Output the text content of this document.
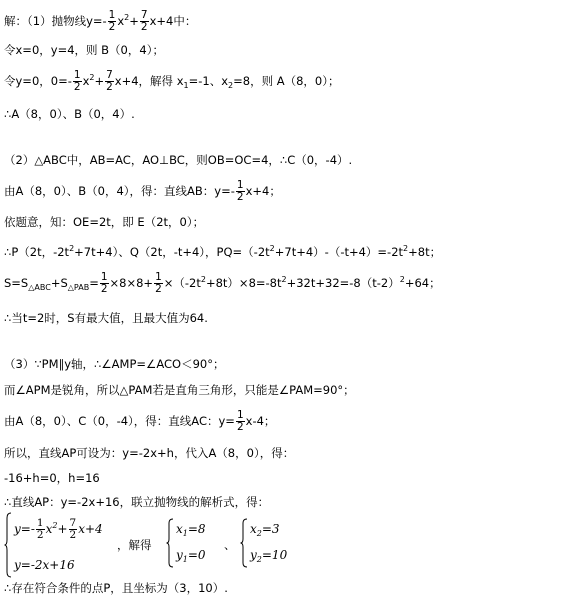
解：（1）抛物线$y=- \frac{1}{2} x^2+ \frac{7}{2} x+4$中：
令x=0，y=4，则 B（0，4）；
令y=0，$0=- \frac{1}{2} x^2+ \frac{7}{2} x+4$，解得 $x_1=-1$、$x_2=8$，则 A（8，0）；
∴A（8，0）、B（0，4）.
（2）△ABC中，AB=AC，AO⊥BC，则OB=OC=4，∴C（0，-4）.
由A（8，0）、B（0，4），得：直线AB：$y=- \frac{1}{2} x+4$；
依题意，知：OE=2t，即 E（2t，0）；
∴P（2t，$-2t^2+7t+4$）、Q（2t，-t+4），$PQ=(-2t^2+7t+4)-(-t+4)=-2t^2+8t$；
$S=S_{\triangle ABC}+S_{\triangle PAB}= \frac{1}{2} \times 8\times 8+ \frac{1}{2} \times(-2t^2+8t)\times 8=-8t^2+32t+32=-8(t-2)^2+64$；
∴当t=2时，S有最大值，且最大值为64.
（3）∵PM∥y轴，∴∠AMP=∠ACO＜90°；
而∠APM是锐角，所以△PAM若是直角三角形，只能是∠PAM=90°；
由A（8，0）、C（0，-4），得：直线AC：$y= \frac{1}{2} x-4$；
所以，直线AP可设为：y=-2x+h，代入A（8，0），得：
-16+h=0，h=16
∴直线AP：y=-2x+16，联立抛物线的解析式，得：
$y=- \frac{1}{2} x^2+ \frac{7}{2} x+4$
y=-2x+16
，解得
$x_1=8$
$y_1=0$
、
$x_2=3$
$y_2=10$
∴存在符合条件的点P，且坐标为（3，10）.
